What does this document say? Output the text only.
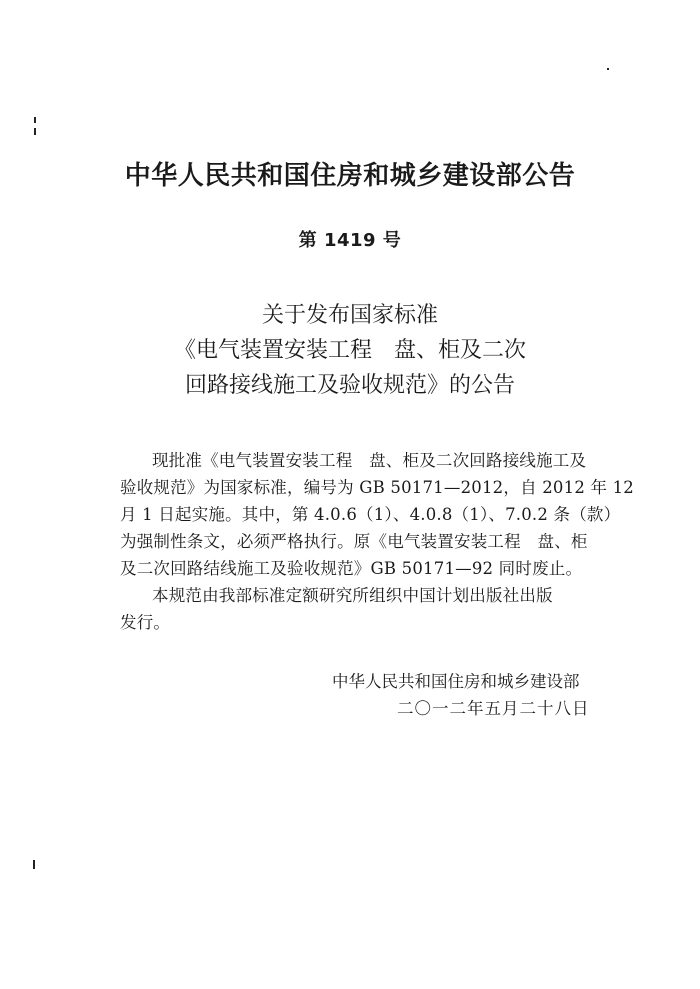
中华人民共和国住房和城乡建设部公告
第 1419 号
关于发布国家标准
《电气装置安装工程　盘、柜及二次
回路接线施工及验收规范》的公告
现批准《电气装置安装工程　盘、柜及二次回路接线施工及
验收规范》为国家标准，编号为 GB 50171—2012，自 2012 年 12
月 1 日起实施。其中，第 4.0.6（1）、4.0.8（1）、7.0.2 条（款）
为强制性条文，必须严格执行。原《电气装置安装工程　盘、柜
及二次回路结线施工及验收规范》GB 50171—92 同时废止。
本规范由我部标准定额研究所组织中国计划出版社出版
发行。
中华人民共和国住房和城乡建设部
二〇一二年五月二十八日
